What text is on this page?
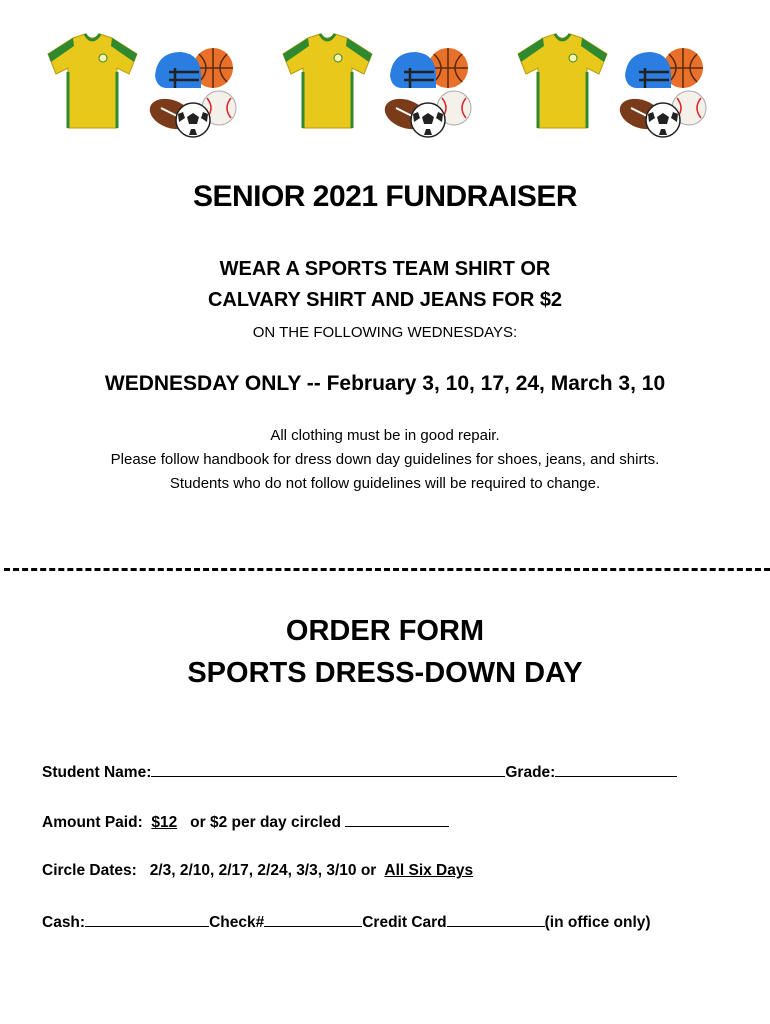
SENIOR 2021 FUNDRAISER
WEAR A SPORTS TEAM SHIRT OR
CALVARY SHIRT AND JEANS FOR $2
ON THE FOLLOWING WEDNESDAYS:
WEDNESDAY ONLY -- February 3, 10, 17, 24, March 3, 10
All clothing must be in good repair.
Please follow handbook for dress down day guidelines for shoes, jeans, and shirts.
Students who do not follow guidelines will be required to change.
ORDER FORM
SPORTS DRESS-DOWN DAY
Student Name:	Grade:
Amount Paid: $12 or $2 per day circled
Circle Dates: 2/3, 2/10, 2/17, 2/24, 3/3, 3/10 or All Six Days
Cash:	Check#	Credit Card	(in office only)
